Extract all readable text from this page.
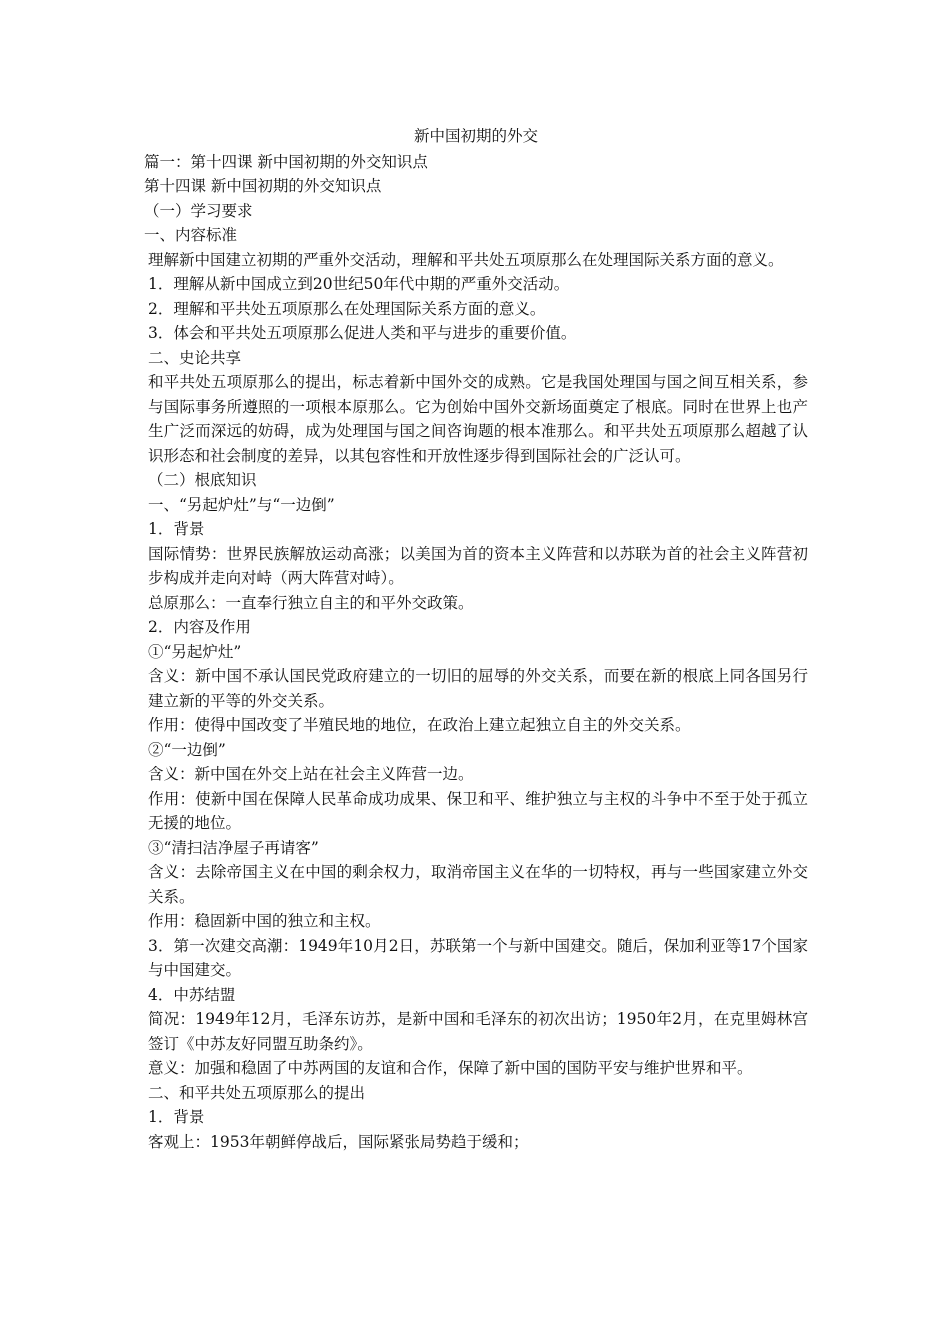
新中国初期的外交
篇一：第十四课 新中国初期的外交知识点
第十四课 新中国初期的外交知识点
（一）学习要求
一、内容标准
理解新中国建立初期的严重外交活动，理解和平共处五项原那么在处理国际关系方面的意义。
1．理解从新中国成立到20世纪50年代中期的严重外交活动。
2．理解和平共处五项原那么在处理国际关系方面的意义。
3．体会和平共处五项原那么促进人类和平与进步的重要价值。
二、史论共享
和平共处五项原那么的提出，标志着新中国外交的成熟。它是我国处理国与国之间互相关系，参与国际事务所遵照的一项根本原那么。它为创始中国外交新场面奠定了根底。同时在世界上也产生广泛而深远的妨碍，成为处理国与国之间咨询题的根本准那么。和平共处五项原那么超越了认识形态和社会制度的差异，以其包容性和开放性逐步得到国际社会的广泛认可。
（二）根底知识
一、“另起炉灶”与“一边倒”
1．背景
国际情势：世界民族解放运动高涨；以美国为首的资本主义阵营和以苏联为首的社会主义阵营初步构成并走向对峙（两大阵营对峙）。
总原那么：一直奉行独立自主的和平外交政策。
2．内容及作用
①“另起炉灶”
含义：新中国不承认国民党政府建立的一切旧的屈辱的外交关系，而要在新的根底上同各国另行建立新的平等的外交关系。
作用：使得中国改变了半殖民地的地位，在政治上建立起独立自主的外交关系。
②“一边倒”
含义：新中国在外交上站在社会主义阵营一边。
作用：使新中国在保障人民革命成功成果、保卫和平、维护独立与主权的斗争中不至于处于孤立无援的地位。
③“清扫洁净屋子再请客”
含义：去除帝国主义在中国的剩余权力，取消帝国主义在华的一切特权，再与一些国家建立外交关系。
作用：稳固新中国的独立和主权。
3．第一次建交高潮：1949年10月2日，苏联第一个与新中国建交。随后，保加利亚等17个国家与中国建交。
4．中苏结盟
简况：1949年12月，毛泽东访苏，是新中国和毛泽东的初次出访；1950年2月，在克里姆林宫签订《中苏友好同盟互助条约》。
意义：加强和稳固了中苏两国的友谊和合作，保障了新中国的国防平安与维护世界和平。
二、和平共处五项原那么的提出
1．背景
客观上：1953年朝鲜停战后，国际紧张局势趋于缓和；
